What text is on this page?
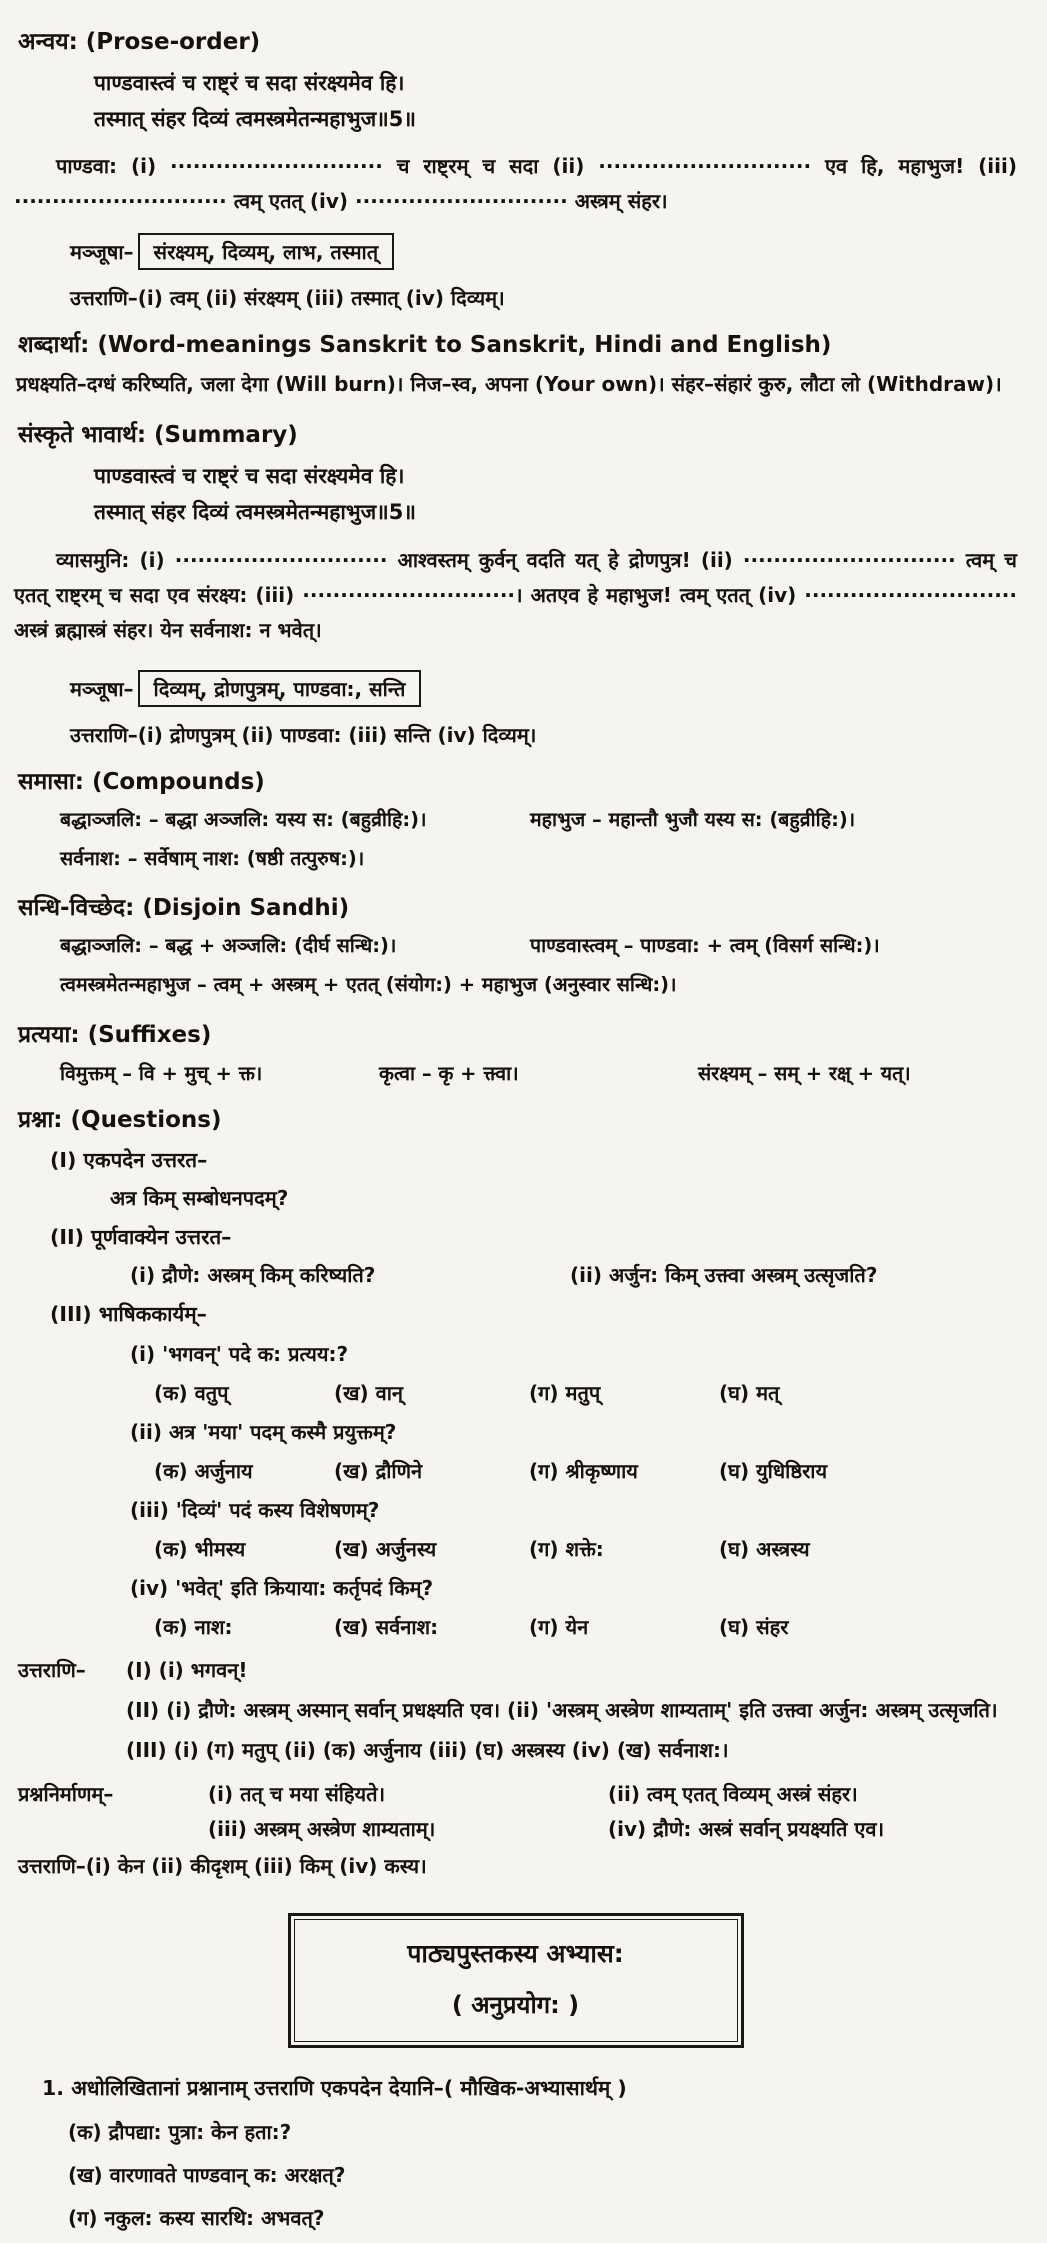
अन्वय: (Prose-order)
पाण्डवास्त्वं च राष्ट्रं च सदा संरक्ष्यमेव हि।
तस्मात् संहर दिव्यं त्वमस्त्रमेतन्महाभुज॥5॥
पाण्डवा: (i) ···························· च राष्ट्रम् च सदा (ii) ···························· एव हि, महाभुज! (iii) ···························· त्वम् एतत् (iv) ···························· अस्त्रम् संहर।
मञ्जूषा–	संरक्ष्यम्, दिव्यम्, लाभ, तस्मात्
उत्तराणि–(i) त्वम् (ii) संरक्ष्यम् (iii) तस्मात् (iv) दिव्यम्।
शब्दार्था: (Word-meanings Sanskrit to Sanskrit, Hindi and English)
प्रधक्ष्यति–दग्धं करिष्यति, जला देगा (Will burn)। निज–स्व, अपना (Your own)। संहर–संहारं कुरु, लौटा लो (Withdraw)।
संस्कृते भावार्थ: (Summary)
पाण्डवास्त्वं च राष्ट्रं च सदा संरक्ष्यमेव हि।
तस्मात् संहर दिव्यं त्वमस्त्रमेतन्महाभुज॥5॥
व्यासमुनि: (i) ···························· आश्वस्तम् कुर्वन् वदति यत् हे द्रोणपुत्र! (ii) ···························· त्वम् च एतत् राष्ट्रम् च सदा एव संरक्ष्य: (iii) ····························। अतएव हे महाभुज! त्वम् एतत् (iv) ···························· अस्त्रं ब्रह्मास्त्रं संहर। येन सर्वनाश: न भवेत्।
मञ्जूषा–	दिव्यम्, द्रोणपुत्रम्, पाण्डवा:, सन्ति
उत्तराणि–(i) द्रोणपुत्रम् (ii) पाण्डवा: (iii) सन्ति (iv) दिव्यम्।
समासा: (Compounds)
बद्धाञ्जलि: – बद्धा अञ्जलि: यस्य स: (बहुव्रीहि:)।	महाभुज – महान्तौ भुजौ यस्य स: (बहुव्रीहि:)।
सर्वनाश: – सर्वेषाम् नाश: (षष्ठी तत्पुरुष:)।
सन्धि-विच्छेद: (Disjoin Sandhi)
बद्धाञ्जलि: – बद्ध + अञ्जलि: (दीर्घ सन्धि:)।	पाण्डवास्त्वम् – पाण्डवा: + त्वम् (विसर्ग सन्धि:)।
त्वमस्त्रमेतन्महाभुज – त्वम् + अस्त्रम् + एतत् (संयोग:) + महाभुज (अनुस्वार सन्धि:)।
प्रत्यया: (Suffixes)
विमुक्तम् – वि + मुच् + क्त।	कृत्वा – कृ + क्त्वा।	संरक्ष्यम् – सम् + रक्ष् + यत्।
प्रश्ना: (Questions)
(I) एकपदेन उत्तरत–
अत्र किम् सम्बोधनपदम्?
(II) पूर्णवाक्येन उत्तरत–
(i) द्रौणे: अस्त्रम् किम् करिष्यति?	(ii) अर्जुन: किम् उक्त्वा अस्त्रम् उत्सृजति?
(III) भाषिककार्यम्–
(i) 'भगवन्' पदे क: प्रत्यय:?
(क) वतुप्	(ख) वान्	(ग) मतुप्	(घ) मत्
(ii) अत्र 'मया' पदम् कस्मै प्रयुक्तम्?
(क) अर्जुनाय	(ख) द्रौणिने	(ग) श्रीकृष्णाय	(घ) युधिष्ठिराय
(iii) 'दिव्यं' पदं कस्य विशेषणम्?
(क) भीमस्य	(ख) अर्जुनस्य	(ग) शक्ते:	(घ) अस्त्रस्य
(iv) 'भवेत्' इति क्रियाया: कर्तृपदं किम्?
(क) नाश:	(ख) सर्वनाश:	(ग) येन	(घ) संहर
उत्तराणि–	(I) (i) भगवन्!
(II) (i) द्रौणे: अस्त्रम् अस्मान् सर्वान् प्रधक्ष्यति एव। (ii) 'अस्त्रम् अस्त्रेण शाम्यताम्' इति उक्त्वा अर्जुन: अस्त्रम् उत्सृजति।
(III) (i) (ग) मतुप् (ii) (क) अर्जुनाय (iii) (घ) अस्त्रस्य (iv) (ख) सर्वनाश:।
प्रश्ननिर्माणम्–	(i) तत् च मया संहियते।	(ii) त्वम् एतत् विव्यम् अस्त्रं संहर।
(iii) अस्त्रम् अस्त्रेण शाम्यताम्।	(iv) द्रौणे: अस्त्रं सर्वान् प्रयक्ष्यति एव।
उत्तराणि–(i) केन (ii) कीदृशम् (iii) किम् (iv) कस्य।
पाठ्यपुस्तकस्य अभ्यास:
( अनुप्रयोग: )
1. अधोलिखितानां प्रश्नानाम् उत्तराणि एकपदेन देयानि–( मौखिक-अभ्यासार्थम् )
(क) द्रौपद्या: पुत्रा: केन हता:?
(ख) वारणावते पाण्डवान् क: अरक्षत्?
(ग) नकुल: कस्य सारथि: अभवत्?
